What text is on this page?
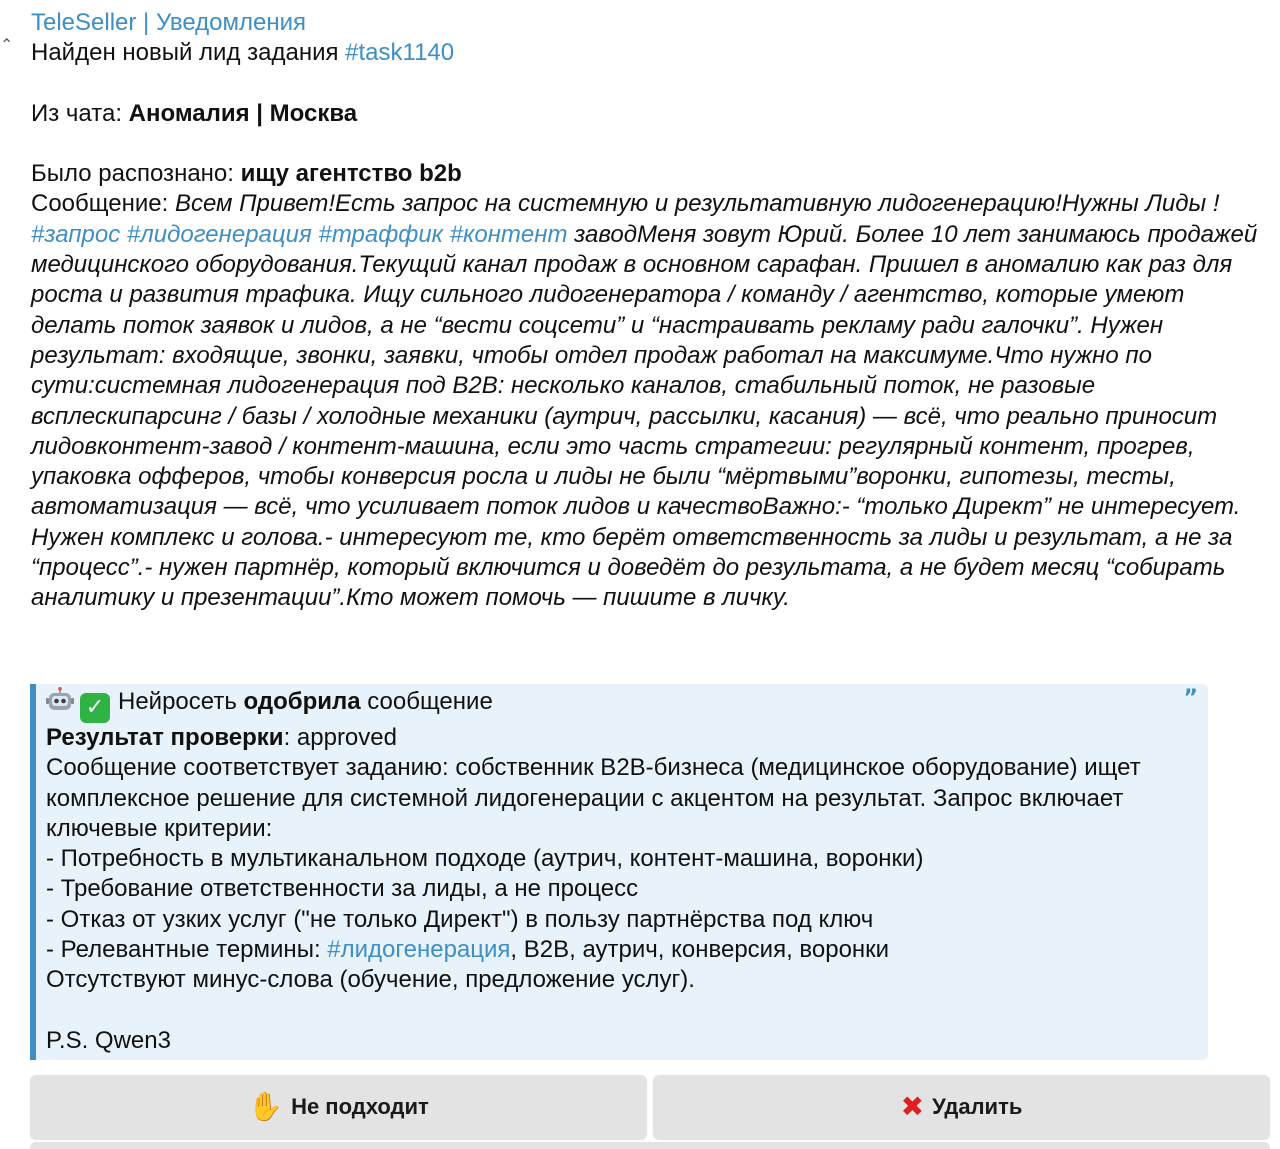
⌃
TeleSeller | Уведомления
Найден новый лид задания #task1140
Из чата: Аномалия | Москва
Было распознано: ищу агентство b2b
Сообщение: Всем Привет!Есть запрос на системную и результативную лидогенерацию!Нужны Лиды ! #запрос #лидогенерация #траффик #контент заводМеня зовут Юрий. Более 10 лет занимаюсь продажей медицинского оборудования.Текущий канал продаж в основном сарафан. Пришел в аномалию как раз для роста и развития трафика. Ищу сильного лидогенератора / команду / агентство, которые умеют делать поток заявок и лидов, а не “вести соцсети” и “настраивать рекламу ради галочки”. Нужен результат: входящие, звонки, заявки, чтобы отдел продаж работал на максимуме.Что нужно по сути:системная лидогенерация под B2B: несколько каналов, стабильный поток, не разовые всплескипарсинг / базы / холодные механики (аутрич, рассылки, касания) — всё, что реально приносит лидовконтент-завод / контент-машина, если это часть стратегии: регулярный контент, прогрев, упаковка офферов, чтобы конверсия росла и лиды не были “мёртвыми”воронки, гипотезы, тесты, автоматизация — всё, что усиливает поток лидов и качествоВажно:- “только Директ” не интересует. Нужен комплекс и голова.- интересуют те, кто берёт ответственность за лиды и результат, а не за “процесс”.- нужен партнёр, который включится и доведёт до результата, а не будет месяц “собирать аналитику и презентации”.Кто может помочь — пишите в личку.
”
✓ Нейросеть одобрила сообщение
Результат проверки: approved
Сообщение соответствует заданию: собственник B2B-бизнеса (медицинское оборудование) ищет комплексное решение для системной лидогенерации с акцентом на результат. Запрос включает ключевые критерии:
- Потребность в мультиканальном подходе (аутрич, контент-машина, воронки)
- Требование ответственности за лиды, а не процесс
- Отказ от узких услуг ("не только Директ") в пользу партнёрства под ключ
- Релевантные термины: #лидогенерация, B2B, аутрич, конверсия, воронки
Отсутствуют минус-слова (обучение, предложение услуг).
P.S. Qwen3
✋ Не подходит	✖ Удалить
